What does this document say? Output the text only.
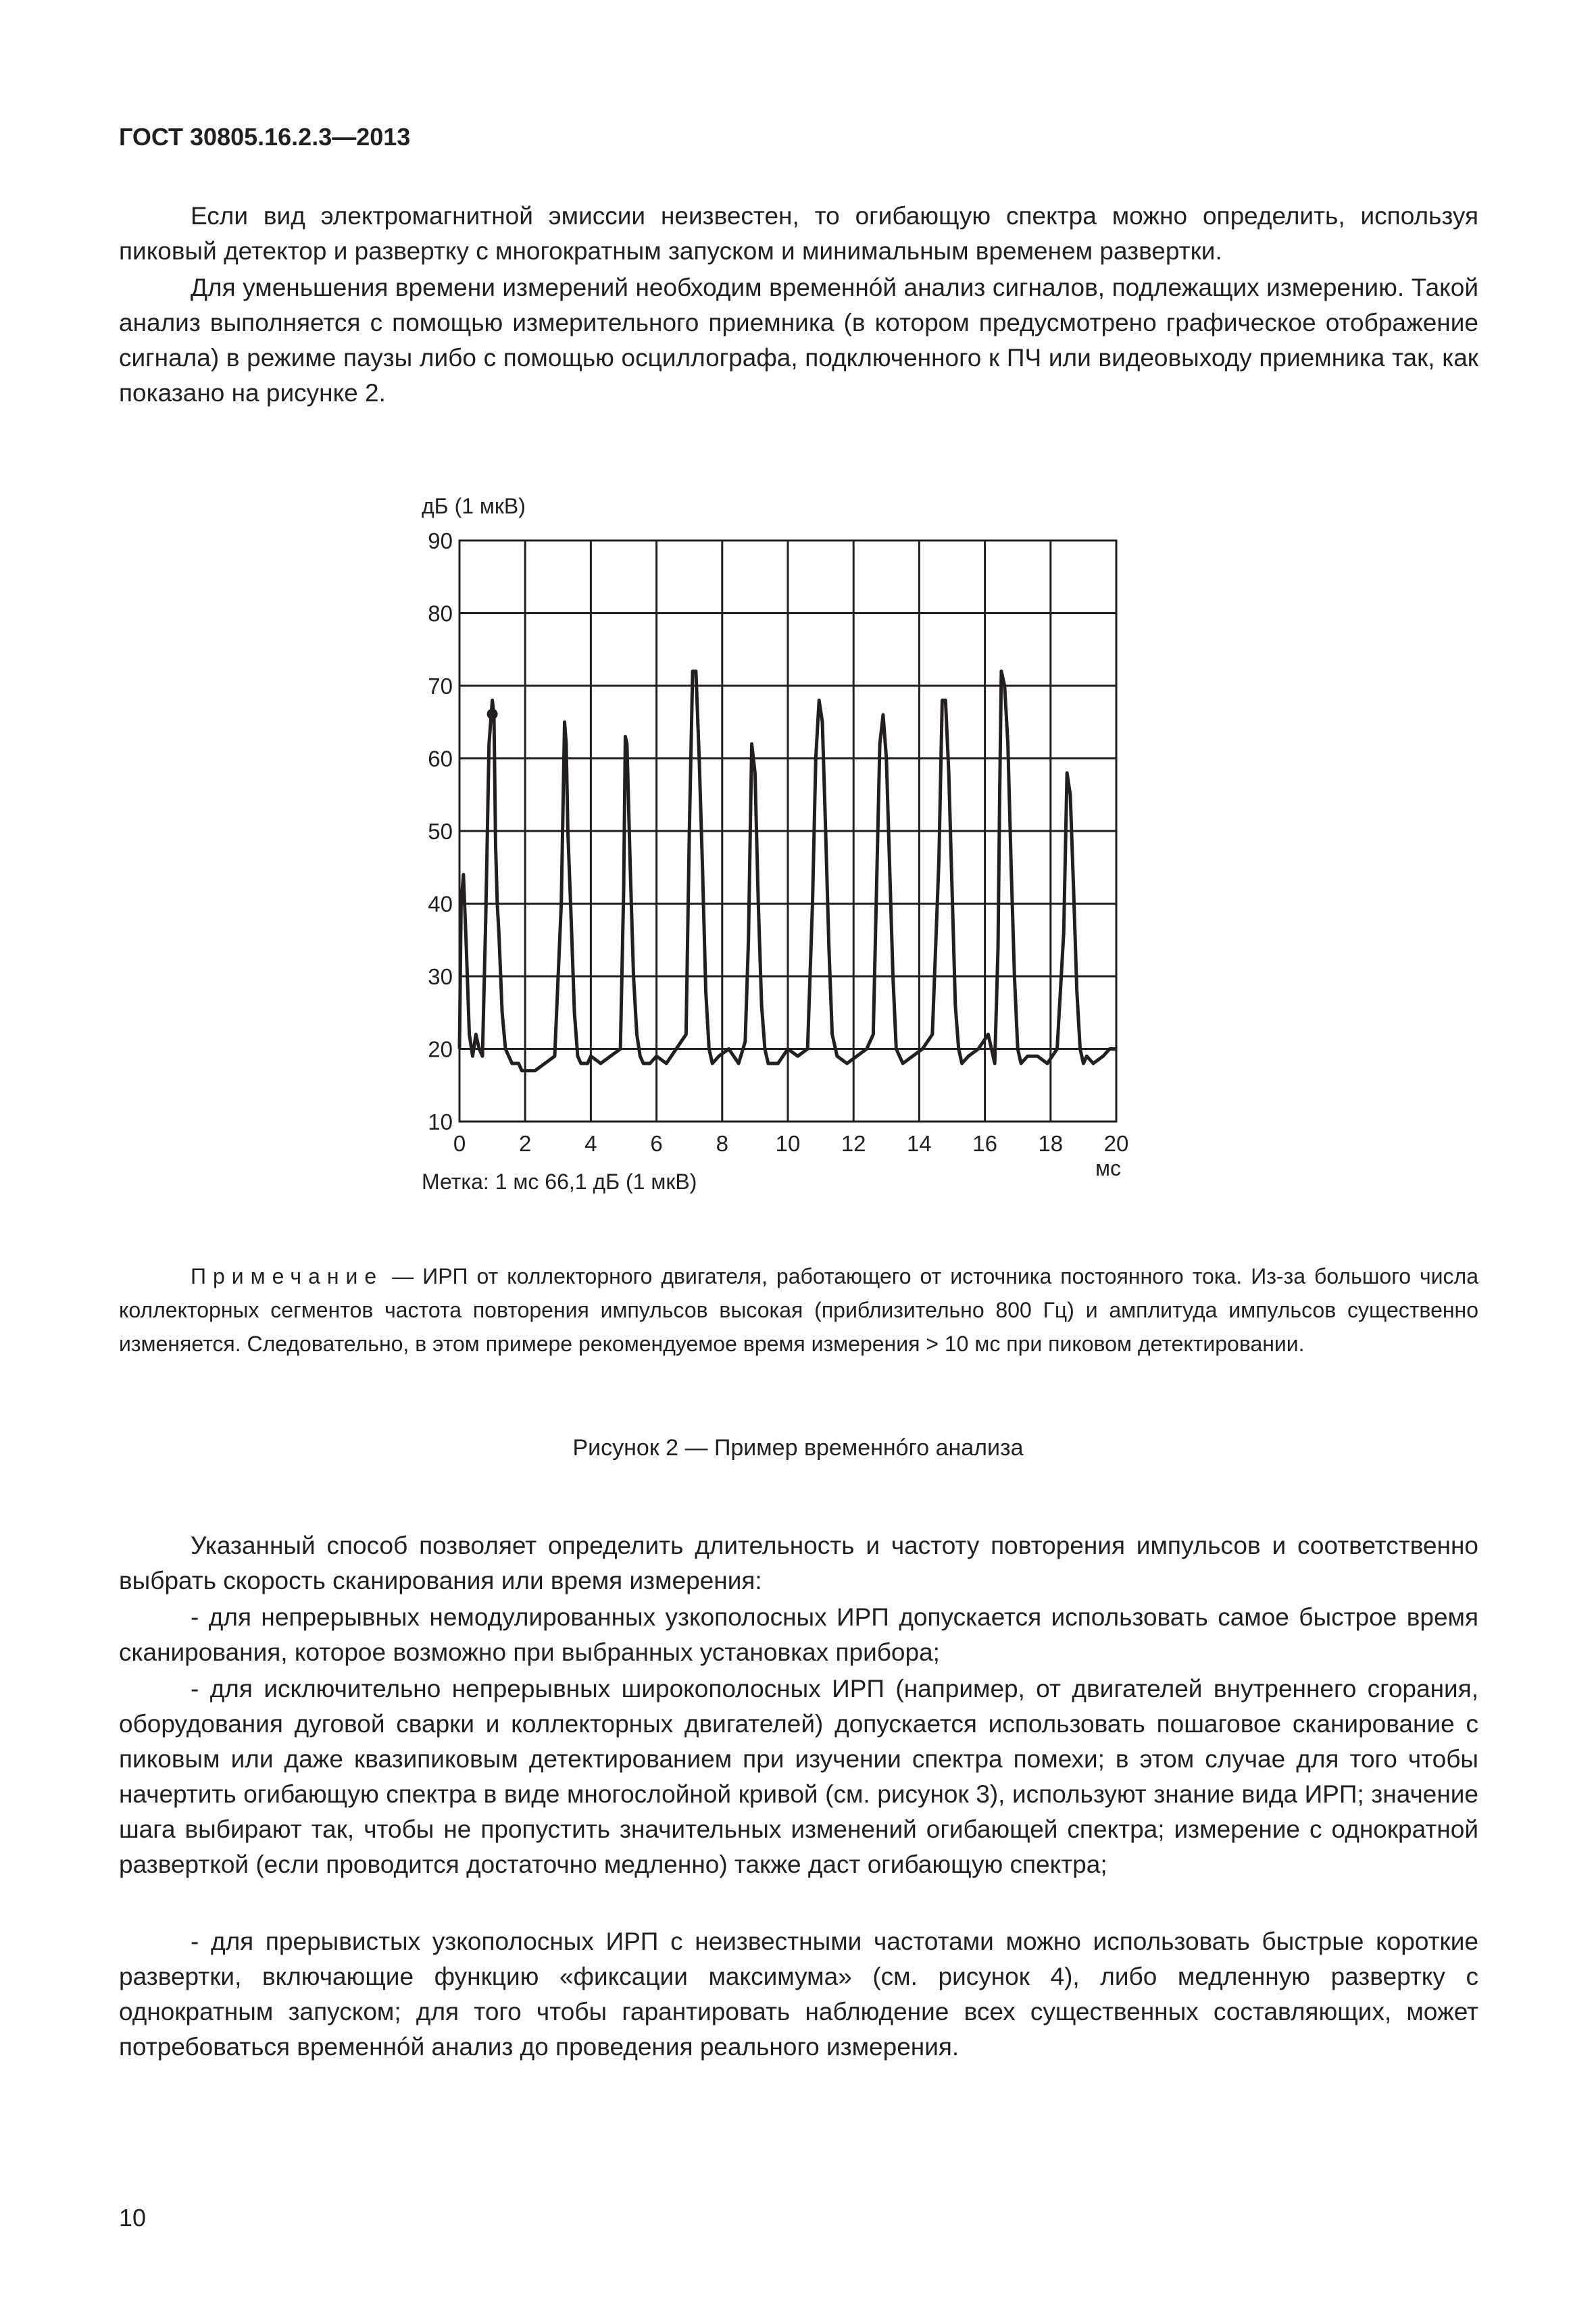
ГОСТ 30805.16.2.3—2013

Если вид электромагнитной эмиссии неизвестен, то огибающую спектра можно определить, используя пиковый детектор и развертку с многократным запуском и минимальным временем развертки.

Для уменьшения времени измерений необходим временнóй анализ сигналов, подлежащих измерению. Такой анализ выполняется с помощью измерительного приемника (в котором предусмотрено графическое отображение сигнала) в режиме паузы либо с помощью осциллографа, подключенного к ПЧ или видеовыходу приемника так, как показано на рисунке 2.

0 2 4 6 8 10 12 14 16 18 20
10
20
30
40
50
60
70
80
90
дБ (1 мкВ)
мс
Метка: 1 мс 66,1 дБ (1 мкВ)

Примечание — ИРП от коллекторного двигателя, работающего от источника постоянного тока. Из-за большого числа коллекторных сегментов частота повторения импульсов высокая (приблизительно 800 Гц) и амплитуда импульсов существенно изменяется. Следовательно, в этом примере рекомендуемое время измерения > 10 мс при пиковом детектировании.

Рисунок 2 — Пример временнóго анализа

Указанный способ позволяет определить длительность и частоту повторения импульсов и соответственно выбрать скорость сканирования или время измерения:

- для непрерывных немодулированных узкополосных ИРП допускается использовать самое быстрое время сканирования, которое возможно при выбранных установках прибора;

- для исключительно непрерывных широкополосных ИРП (например, от двигателей внутреннего сгорания, оборудования дуговой сварки и коллекторных двигателей) допускается использовать пошаговое сканирование с пиковым или даже квазипиковым детектированием при изучении спектра помехи; в этом случае для того чтобы начертить огибающую спектра в виде многослойной кривой (см. рисунок 3), используют знание вида ИРП; значение шага выбирают так, чтобы не пропустить значительных изменений огибающей спектра; измерение с однократной разверткой (если проводится достаточно медленно) также даст огибающую спектра;

- для прерывистых узкополосных ИРП с неизвестными частотами можно использовать быстрые короткие развертки, включающие функцию «фиксации максимума» (см. рисунок 4), либо медленную развертку с однократным запуском; для того чтобы гарантировать наблюдение всех существенных составляющих, может потребоваться временнóй анализ до проведения реального измерения.

10
